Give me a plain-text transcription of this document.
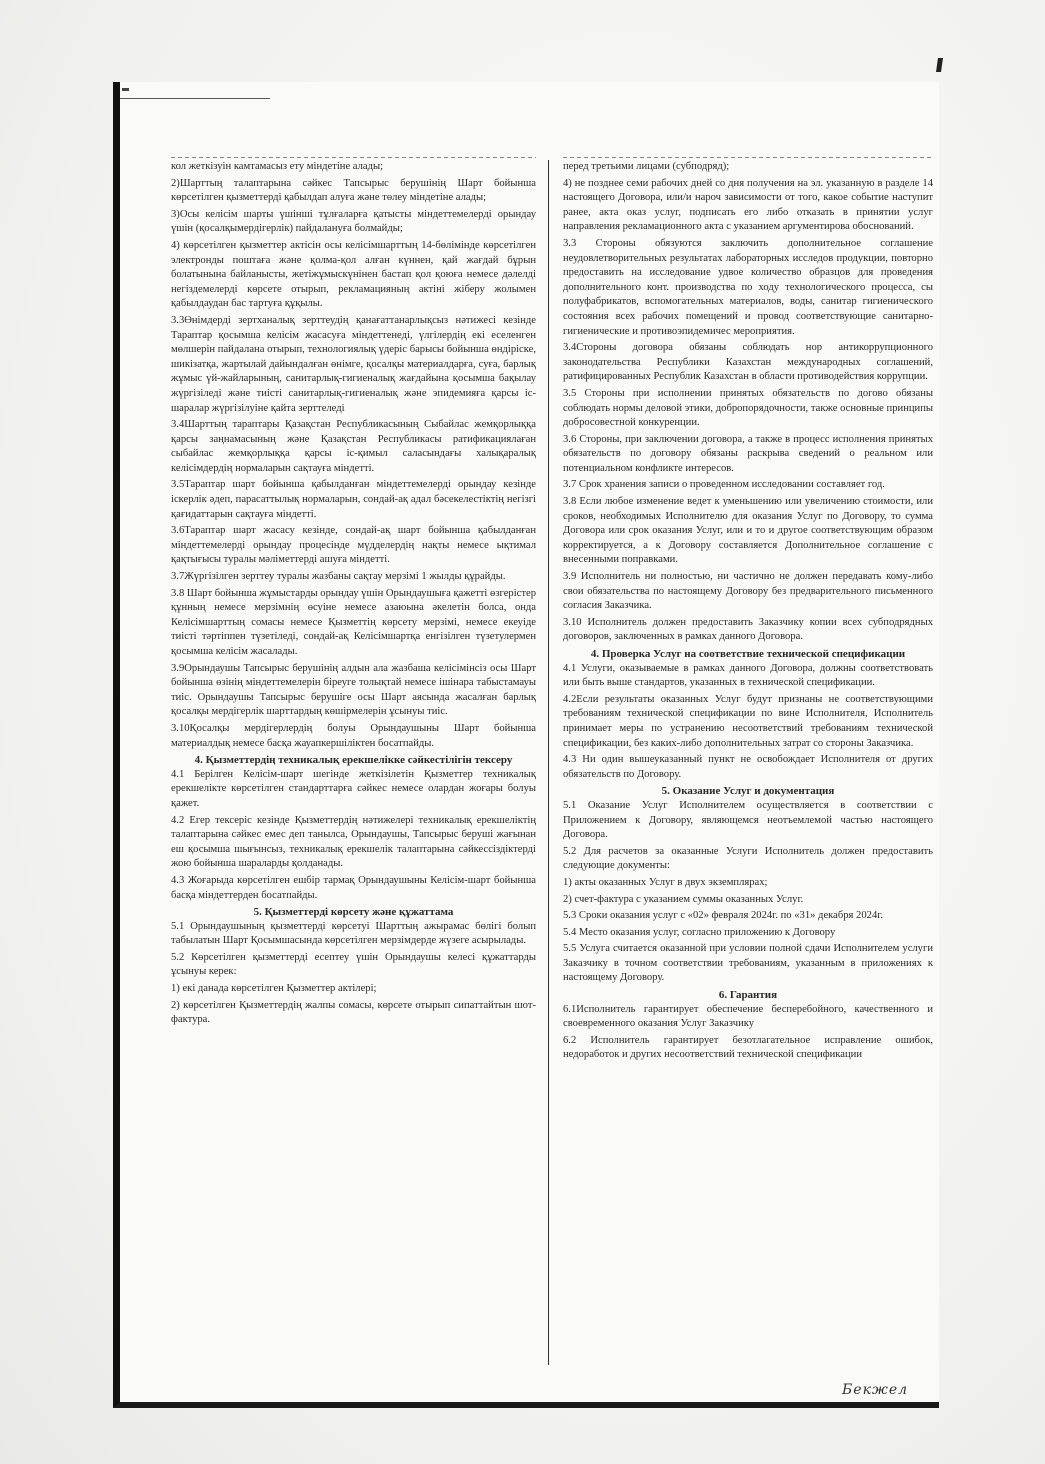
кол жеткізуін камтамасыз ету міндетіне алады;

2)Шарттың талаптарына сәйкес Тапсырыс берушінің Шарт бойынша көрсетілген қызметтерді қабылдап алуға және төлеу міндетіне алады;

3)Осы келісім шарты үшінші тұлғаларға қатысты міндеттемелерді орындау үшін (қосалқымердігерлік) пайдалануға болмайды;

4) көрсетілген қызметтер актісін осы келісімшарттың 14-бөлімінде көрсетілген электронды поштаға және қолма-қол алған күннен, қай жағдай бұрын болатынына байланысты, жетіжұмыскүнінен бастап қол қоюға немесе дәлелді негіздемелерді көрсете отырып, рекламацияның актіні жіберу жолымен қабылдаудан бас тартуға құқылы.

3.3Өнімдерді зертханалық зерттеудің қанағаттанарлықсыз нәтижесі кезінде Тараптар қосымша келісім жасасуға міндеттенеді, үлгілердің екі еселенген мөлшерін пайдалана отырып, технологиялық үдеріс барысы бойынша өндіріске, шикізатқа, жартылай дайындалған өнімге, қосалқы материалдарға, суға, барлық жұмыс үй-жайларының, санитарлық-гигиеналық жағдайына қосымша бақылау жүргізіледі және тиісті санитарлық-гигиеналық және эпидемияға қарсы іс-шаралар жүргізілуіне қайта зерттеледі

3.4Шарттың тараптары Қазақстан Республикасының Сыбайлас жемқорлыққа қарсы заңнамасының және Қазақстан Республикасы ратификациялаған сыбайлас жемқорлыққа қарсы іс-қимыл саласындағы халықаралық келісімдердің нормаларын сақтауға міндетті.

3.5Тараптар шарт бойынша қабылданған міндеттемелерді орындау кезінде іскерлік әдеп, парасаттылық нормаларын, сондай-ақ адал бәсекелестіктің негізгі қағидаттарын сақтауға міндетті.

3.6Тараптар шарт жасасу кезінде, сондай-ақ шарт бойынша қабылданған міндеттемелерді орындау процесінде мүдделердің нақты немесе ықтимал қақтығысы туралы мәліметтерді ашуға міндетті.

3.7Жүргізілген зерттеу туралы жазбаны сақтау мерзімі 1 жылды құрайды.

3.8 Шарт бойынша жұмыстарды орындау үшін Орындаушыға қажетті өзгерістер құнның немесе мерзімнің өсуіне немесе азаюына әкелетін болса, онда Келісімшарттың сомасы немесе Қызметтің көрсету мерзімі, немесе екеуіде тиісті тәртіппен түзетіледі, сондай-ақ Келісімшартқа енгізілген түзетулермен қосымша келісім жасалады.

3.9Орындаушы Тапсырыс берушінің алдын ала жазбаша келісімінсіз осы Шарт бойынша өзінің міндеттемелерін біреуге толықтай немесе ішінара табыстамауы тиіс. Орындаушы Тапсырыс берушіге осы Шарт аясында жасалған барлық қосалқы мердігерлік шарттардың көшірмелерін ұсынуы тиіс.

3.10Қосалқы мердігерлердің болуы Орындаушыны Шарт бойынша материалдық немесе басқа жауапкершіліктен босатпайды.

4. Қызметтердің техникалық ерекшелікке сәйкестілігін тексеру

4.1 Берілген Келісім-шарт шегінде жеткізілетін Қызметтер техникалық ерекшелікте көрсетілген стандарттарға сәйкес немесе олардан жоғары болуы қажет.

4.2 Егер тексеріс кезінде Қызметтердің нәтижелері техникалық ерекшеліктің талаптарына сәйкес емес деп танылса, Орындаушы, Тапсырыс беруші жағынан еш қосымша шығынсыз, техникалық ерекшелік талаптарына сәйкессіздіктерді жою бойынша шараларды қолданады.

4.3 Жоғарыда көрсетілген ешбір тармақ Орындаушыны Келісім-шарт бойынша басқа міндеттерден босатпайды.

5. Қызметтерді көрсету және құжаттама

5.1 Орындаушының қызметтерді көрсетуі Шарттың ажырамас бөлігі болып табылатын Шарт Қосымшасында көрсетілген мерзімдерде жүзеге асырылады.

5.2 Көрсетілген қызметтерді есептеу үшін Орындаушы келесі құжаттарды ұсынуы керек:

1) екі данада көрсетілген Қызметтер актілері;

2) көрсетілген Қызметтердің жалпы сомасы, көрсете отырып сипаттайтын шот-фактура.

перед третьими лицами (субподряд);

4) не позднее семи рабочих дней со дня получения на эл. указанную в разделе 14 настоящего Договора, или/и нароч зависимости от того, какое событие наступит ранее, акта оказ услуг, подписать его либо отказать в принятии услуг направления рекламационного акта с указанием аргументирова обоснований.

3.3 Стороны обязуются заключить дополнительное соглашение неудовлетворительных результатах лабораторных исследов продукции, повторно предоставить на исследование удвое количество образцов для проведения дополнительного конт. производства по ходу технологического процесса, сы полуфабрикатов, вспомогательных материалов, воды, санитар гигиенического состояния всех рабочих помещений и провод соответствующие санитарно-гигиенические и противоэпидемичес мероприятия.

3.4Стороны договора обязаны соблюдать нор антикоррупционного законодательства Республики Казахстан международных соглашений, ратифицированных Республик Казахстан в области противодействия коррупции.

3.5 Стороны при исполнении принятых обязательств по догово обязаны соблюдать нормы деловой этики, добропорядочности, также основные принципы добросовестной конкуренции.

3.6 Стороны, при заключении договора, а также в процесс исполнения принятых обязательств по договору обязаны раскрыва сведений о реальном или потенциальном конфликте интересов.

3.7 Срок хранения записи о проведенном исследовании составляет год.

3.8 Если любое изменение ведет к уменьшению или увеличению стоимости, или сроков, необходимых Исполнителю для оказания Услуг по Договору, то сумма Договора или срок оказания Услуг, или и то и другое соответствующим образом корректируется, а к Договору составляется Дополнительное соглашение с внесенными поправками.

3.9 Исполнитель ни полностью, ни частично не должен передавать кому-либо свои обязательства по настоящему Договору без предварительного письменного согласия Заказчика.

3.10 Исполнитель должен предоставить Заказчику копии всех субподрядных договоров, заключенных в рамках данного Договора.

4. Проверка Услуг на соответствие технической спецификации

4.1 Услуги, оказываемые в рамках данного Договора, должны соответствовать или быть выше стандартов, указанных в технической спецификации.

4.2Если результаты оказанных Услуг будут признаны не соответствующими требованиям технической спецификации по вине Исполнителя, Исполнитель принимает меры по устранению несоответствий требованиям технической спецификации, без каких-либо дополнительных затрат со стороны Заказчика.

4.3 Ни один вышеуказанный пункт не освобождает Исполнителя от других обязательств по Договору.

5. Оказание Услуг и документация

5.1 Оказание Услуг Исполнителем осуществляется в соответствии с Приложением к Договору, являющемся неотъемлемой частью настоящего Договора.

5.2 Для расчетов за оказанные Услуги Исполнитель должен предоставить следующие документы:

1) акты оказанных Услуг в двух экземплярах;

2) счет-фактура с указанием суммы оказанных Услуг.

5.3 Сроки оказания услуг с «02» февраля 2024г. по «31» декабря 2024г.

5.4 Место оказания услуг, согласно приложению к Договору

5.5 Услуга считается оказанной при условии полной сдачи Исполнителем услуги Заказчику в точном соответствии требованиям, указанным в приложениях к настоящему Договору.

6. Гарантия

6.1Исполнитель гарантирует обеспечение бесперебойного, качественного и своевременного оказания Услуг Заказчику

6.2 Исполнитель гарантирует безотлагательное исправление ошибок, недоработок и других несоответствий технической спецификации

Бекжел
